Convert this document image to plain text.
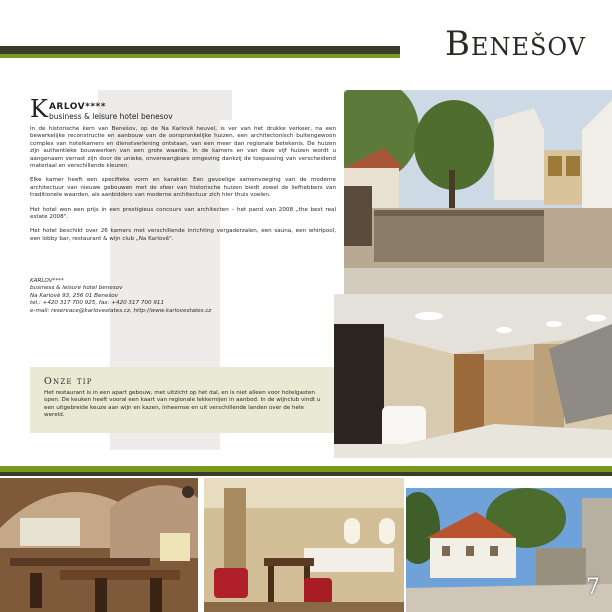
Benešov
K ARLOV****
business & leisure hotel benesov

In de historische kern van Benešov, op de Na Karlově heuvel, is ver van het drukke verkeer, na een bewerkelijke reconstructie en aanbouw van de oorspronkelijke huizen, een architectonisch buitengewoon complex van hotelkamers en dienstverlening ontstaan, van een meer dan regionale betekenis. De huizen zijn authentieke bouwwerken van een grote waarde. In de kamers en van deze vijf huizen wordt u aangenaam verrast zijn door de unieke, onverwangbare omgeving dankzij de toepassing van verscheidend materiaal en verschillende kleuren.

Elke kamer heeft een specifieke vorm en karakter. Een gevoelige samenvoeging van de moderne architectuur van nieuwe gebouwen met de sfeer van historische huizen biedt zowel de liefhebbers van traditionele waarden, als aanbidders van moderne architectuur zich hier thuis voelen.

Het hotel won een prijs in een prestigieus concours van architecten – het pand van 2008 „the best real estate 2008".

Het hotel beschikt over 26 kamers met verschillende inrichting vergaderzalen, een sauna, een whirlpool, een lobby bar, restaurant & wijn club „Na Karlově".

KARLOV****
business & leisure hotel benesov
Na Karlově 93, 256 01 Benešov
tel.: +420 317 700 925, fax: +420 317 700 911
e-mail: reservace@karlovestates.cz, http://www.karlovestates.cz
Onze tip
Het restaurant is in een apart gebouw, met uitzicht op het dal, en is niet alleen voor hotelgasten open. De keuken heeft vooral een kaart van regionale lekkernijen in aanbod. In de wijnclub vindt u een uitgebreide keuze aan wijn en kazen, inheemse en uit verschillende landen over de hele wereld.
7
